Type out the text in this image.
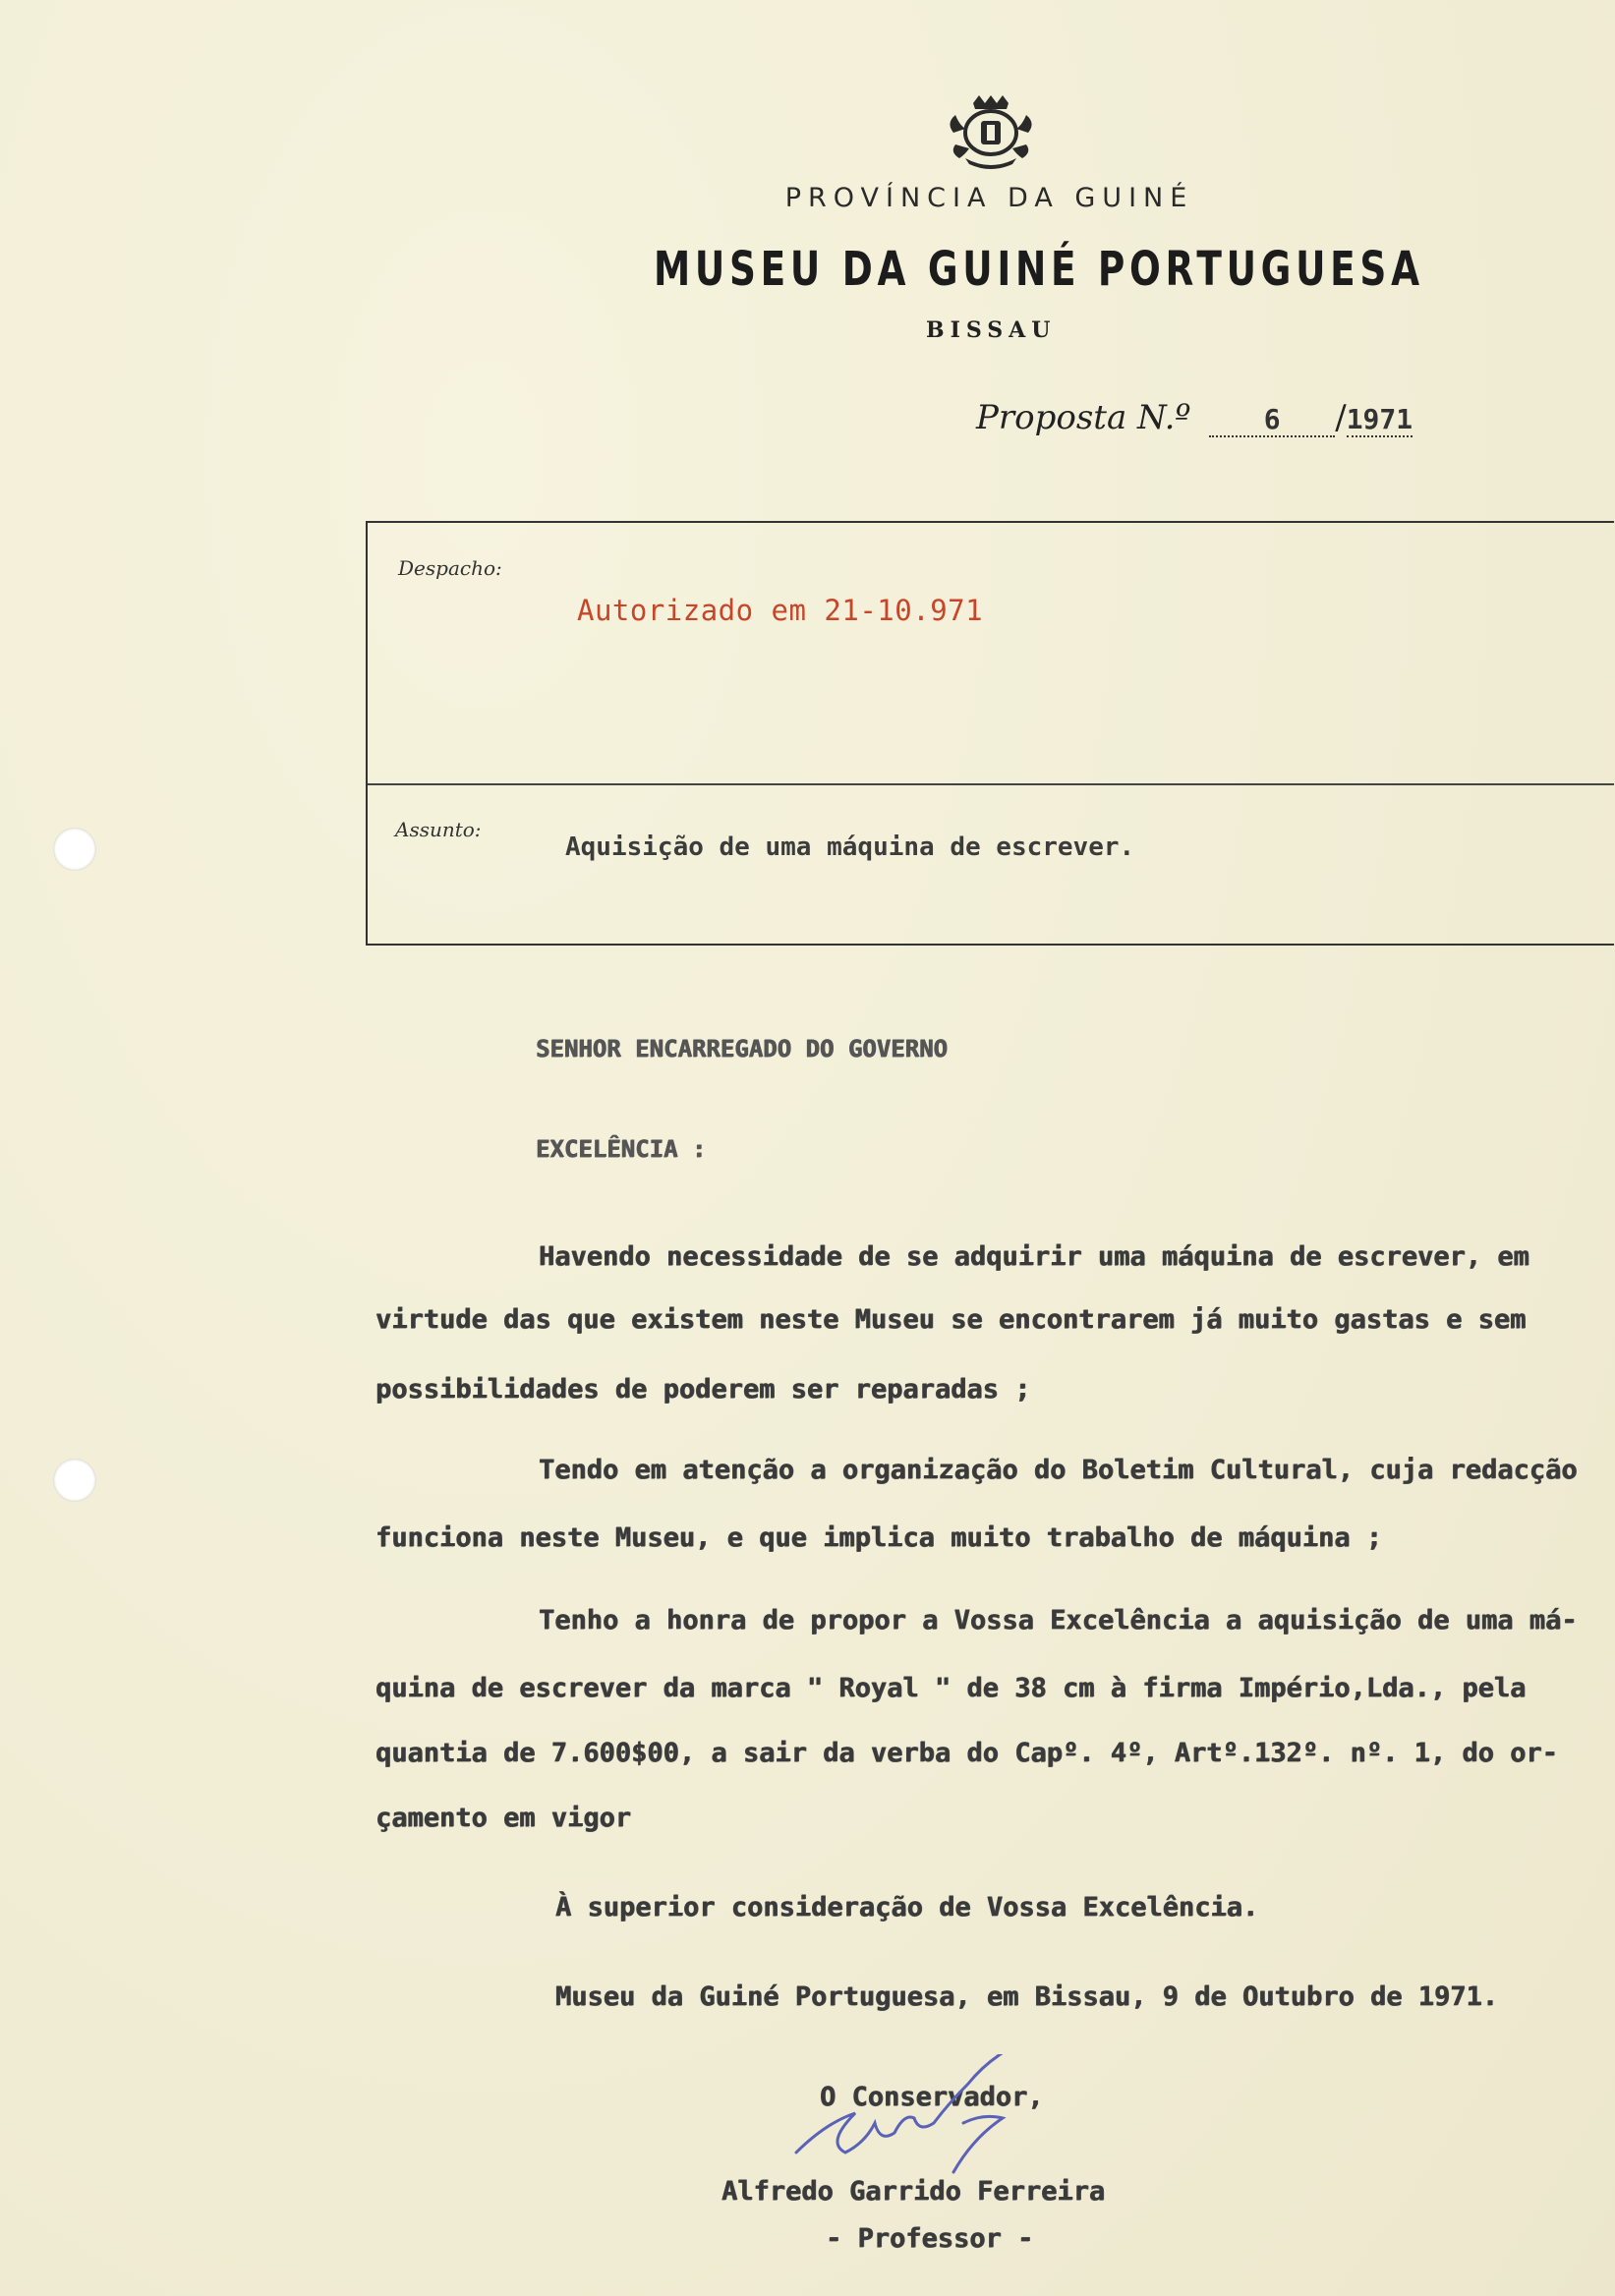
PROVÍNCIA DA GUINÉ
MUSEU DA GUINÉ PORTUGUESA
BISSAU
Proposta N.º	6 /1971
Despacho:
Autorizado em 21-10.971
Assunto:
Aquisição de uma máquina de escrever.
SENHOR ENCARREGADO DO GOVERNO
EXCELÊNCIA :
Havendo necessidade de se adquirir uma máquina de escrever, em
virtude das que existem neste Museu se encontrarem já muito gastas e sem
possibilidades de poderem ser reparadas ;
Tendo em atenção a organização do Boletim Cultural, cuja redacção
funciona neste Museu, e que implica muito trabalho de máquina ;
Tenho a honra de propor a Vossa Excelência a aquisição de uma má-
quina de escrever da marca " Royal " de 38 cm à firma Império,Lda., pela
quantia de 7.600$00, a sair da verba do Capº. 4º, Artº.132º. nº. 1, do or-
çamento em vigor
À superior consideração de Vossa Excelência.
Museu da Guiné Portuguesa, em Bissau, 9 de Outubro de 1971.
O Conservador,
Alfredo Garrido Ferreira
- Professor -
